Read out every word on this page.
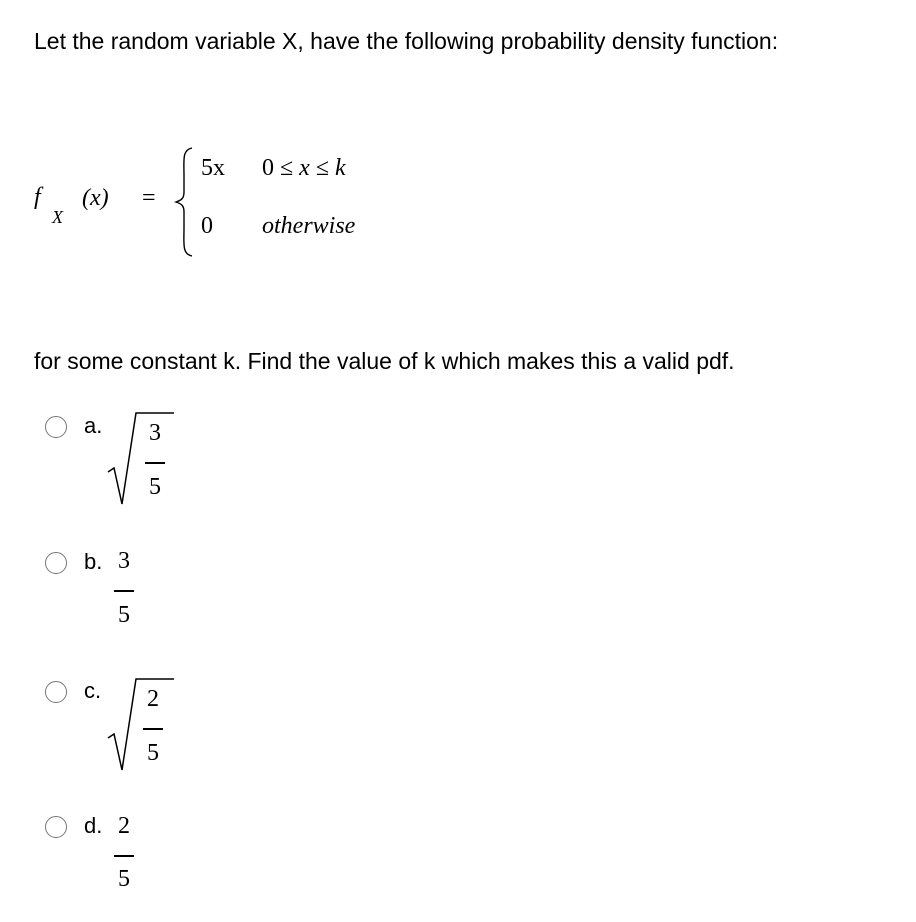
Let the random variable X, have the following probability density function:
f
X
(x) =
5x 0 ≤ x ≤ k
0 otherwise
for some constant k. Find the value of k which makes this a valid pdf.
a. 3
5
b. 3
5
c. 2
5
d. 2
5
